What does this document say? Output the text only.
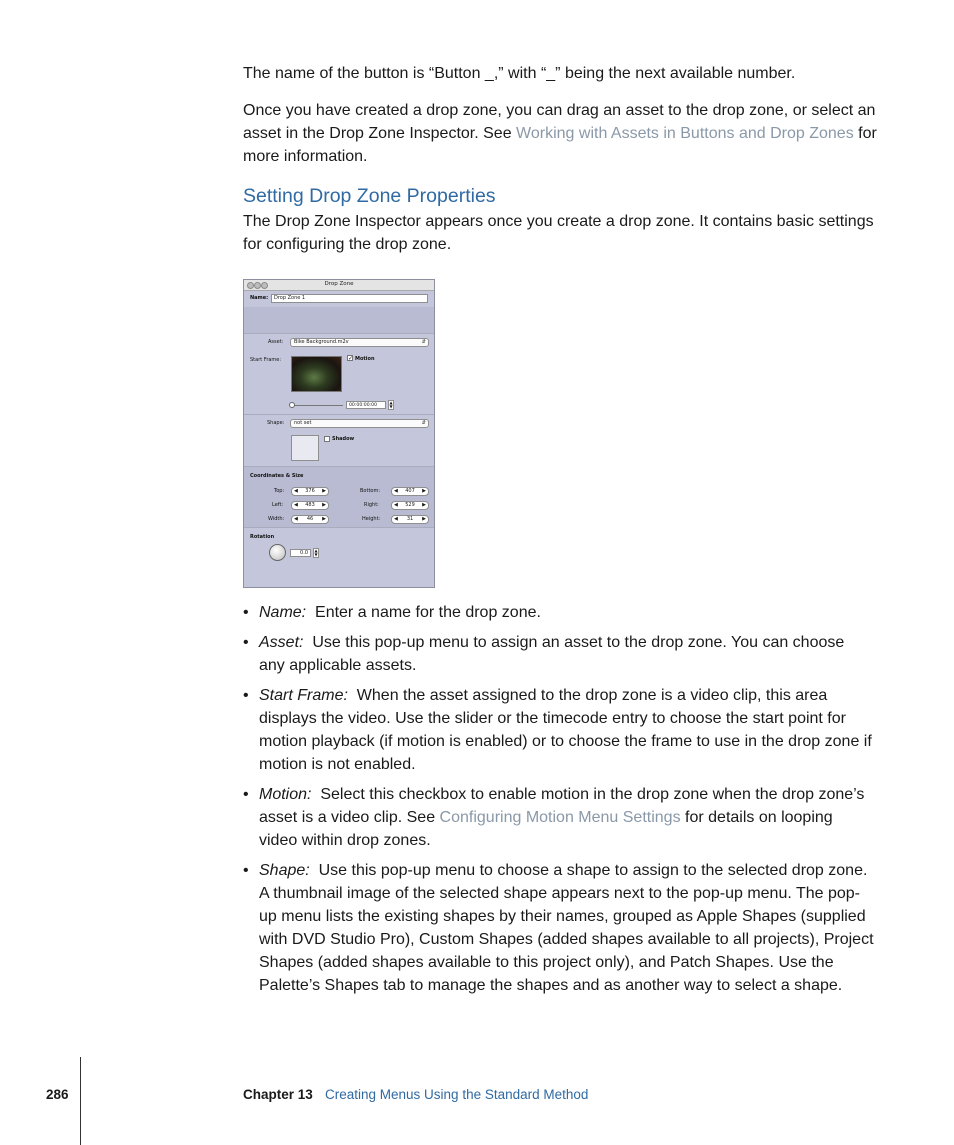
The name of the button is “Button _,” with “_” being the next available number.

Once you have created a drop zone, you can drag an asset to the drop zone, or select an asset in the Drop Zone Inspector. See Working with Assets in Buttons and Drop Zones for more information.

Setting Drop Zone Properties

The Drop Zone Inspector appears once you create a drop zone. It contains basic settings for configuring the drop zone.

Drop Zone
Name:	Drop Zone 1
Asset:	Bike Background.m2v	⇵
Start Frame:	✓ Motion
00:00:00:00
▲
▼
Shape:	not set	⇵
Shadow
Coordinates & Size
Top: ◀ 376 ▶	Bottom:	◀ 407 ▶
Left: ◀ 483 ▶	Right:	◀ 529 ▶
Width: ◀ 46 ▶	Height:	◀ 31 ▶
Rotation
0.0	▲
▼
• Name: Enter a name for the drop zone.
• Asset: Use this pop-up menu to assign an asset to the drop zone. You can choose any applicable assets.
• Start Frame: When the asset assigned to the drop zone is a video clip, this area displays the video. Use the slider or the timecode entry to choose the start point for motion playback (if motion is enabled) or to choose the frame to use in the drop zone if motion is not enabled.
• Motion: Select this checkbox to enable motion in the drop zone when the drop zone’s asset is a video clip. See Configuring Motion Menu Settings for details on looping video within drop zones.
• Shape: Use this pop-up menu to choose a shape to assign to the selected drop zone. A thumbnail image of the selected shape appears next to the pop-up menu. The pop-up menu lists the existing shapes by their names, grouped as Apple Shapes (supplied with DVD Studio Pro), Custom Shapes (added shapes available to all projects), Project Shapes (added shapes available to this project only), and Patch Shapes. Use the Palette’s Shapes tab to manage the shapes and as another way to select a shape.
286	Chapter 13 Creating Menus Using the Standard Method
